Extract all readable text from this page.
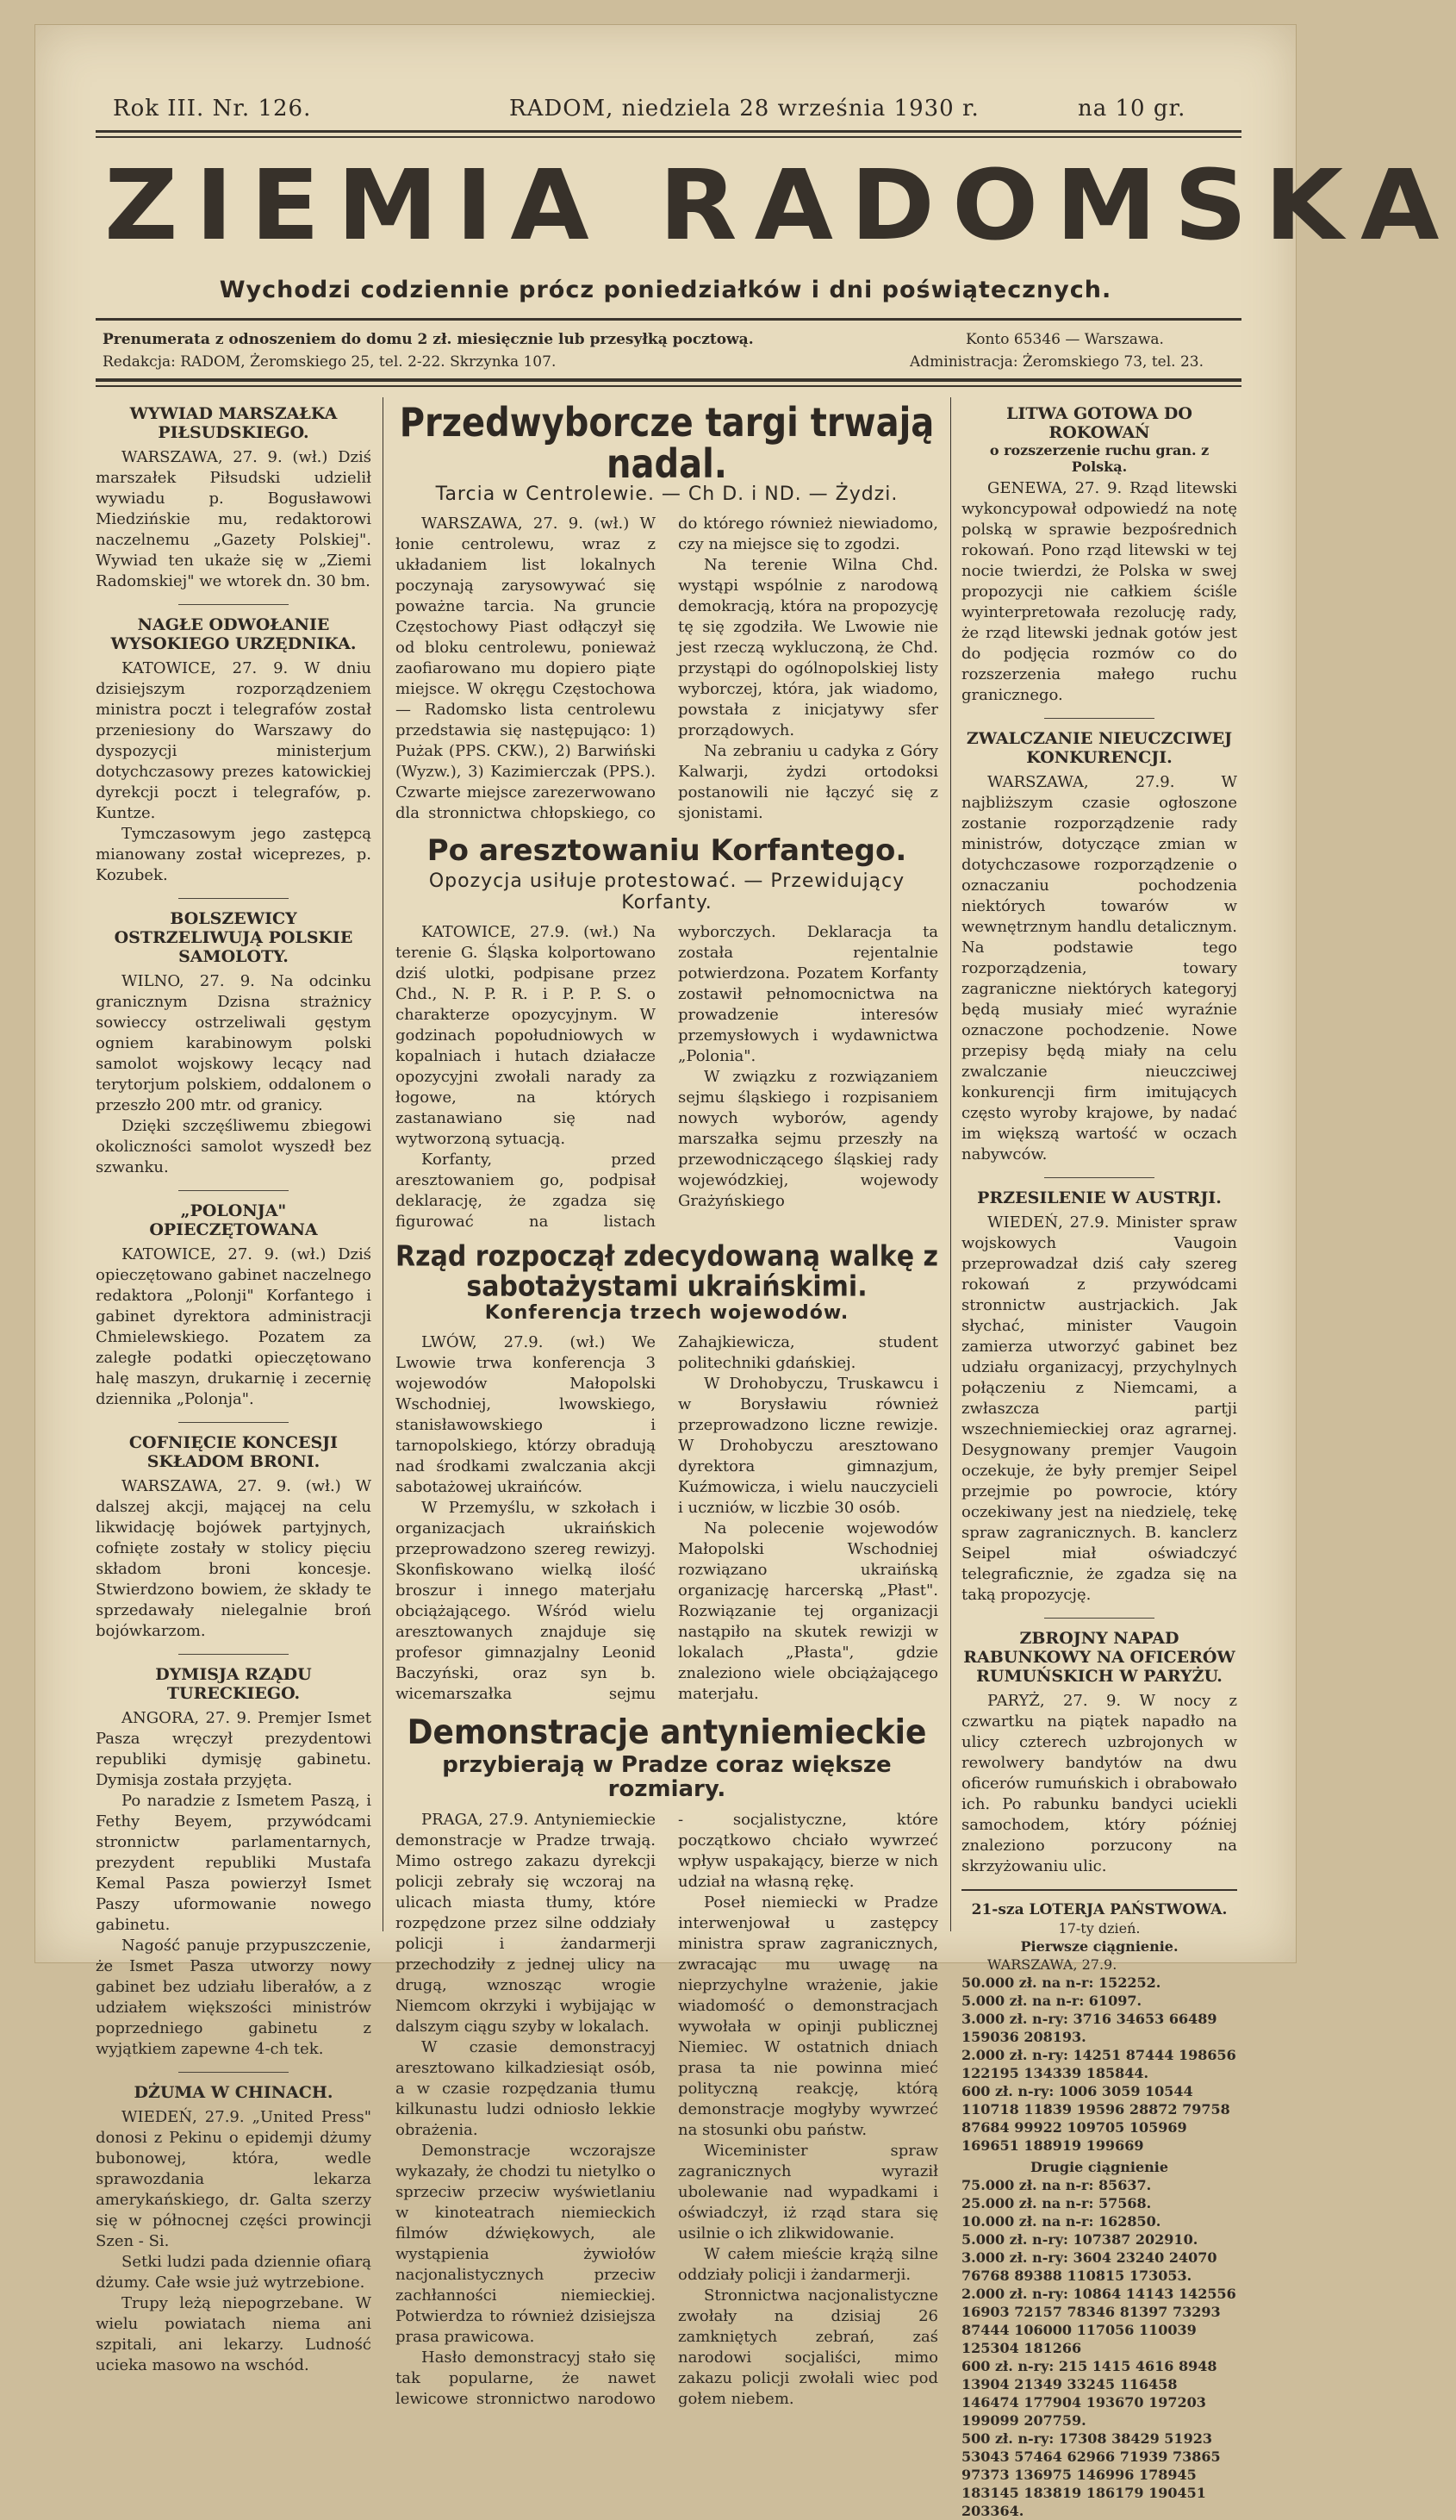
Rok III. Nr. 126.	RADOM, niedziela 28 września 1930 r.	na 10 gr.
ZIEMIA RADOMSKA
Wychodzi codziennie prócz poniedziałków i dni poświątecznych.
Prenumerata z odnoszeniem do domu 2 zł. miesięcznie lub przesyłką pocztową.	Konto 65346 — Warszawa.
Redakcja: RADOM, Żeromskiego 25, tel. 2-22. Skrzynka 107.	Administracja: Żeromskiego 73, tel. 23.
WYWIAD MARSZAŁKA PIŁSUDSKIEGO.

WARSZAWA, 27. 9. (wł.) Dziś marszałek Piłsudski udzielił wywiadu p. Bogusławowi Miedzińskie mu, redaktorowi naczelnemu „Gazety Polskiej". Wywiad ten ukaże się w „Ziemi Radomskiej" we wtorek dn. 30 bm.

NAGŁE ODWOŁANIE WYSOKIEGO URZĘDNIKA.

KATOWICE, 27. 9. W dniu dzisiejszym rozporządzeniem ministra poczt i telegrafów został przeniesiony do Warszawy do dyspozycji ministerjum dotychczasowy prezes katowickiej dyrekcji poczt i telegrafów, p. Kuntze.

Tymczasowym jego zastępcą mianowany został wiceprezes, p. Kozubek.

BOLSZEWICY OSTRZELIWUJĄ POLSKIE SAMOLOTY.

WILNO, 27. 9. Na odcinku granicznym Dzisna strażnicy sowieccy ostrzeliwali gęstym ogniem karabinowym polski samolot wojskowy lecący nad terytorjum polskiem, oddalonem o przeszło 200 mtr. od granicy.

Dzięki szczęśliwemu zbiegowi okoliczności samolot wyszedł bez szwanku.

„POLONJA" OPIECZĘTOWANA

KATOWICE, 27. 9. (wł.) Dziś opieczętowano gabinet naczelnego redaktora „Polonji" Korfantego i gabinet dyrektora administracji Chmielewskiego. Pozatem za zaległe podatki opieczętowano halę maszyn, drukarnię i zecernię dziennika „Polonja".

COFNIĘCIE KONCESJI SKŁADOM BRONI.

WARSZAWA, 27. 9. (wł.) W dalszej akcji, mającej na celu likwidację bojówek partyjnych, cofnięte zostały w stolicy pięciu składom broni koncesje. Stwierdzono bowiem, że składy te sprzedawały nielegalnie broń bojówkarzom.

DYMISJA RZĄDU TURECKIEGO.

ANGORA, 27. 9. Premjer Ismet Pasza wręczył prezydentowi republiki dymisję gabinetu. Dymisja została przyjęta.

Po naradzie z Ismetem Paszą, i Fethy Beyem, przywódcami stronnictw parlamentarnych, prezydent republiki Mustafa Kemal Pasza powierzył Ismet Paszy uformowanie nowego gabinetu.

Nagość panuje przypuszczenie, że Ismet Pasza utworzy nowy gabinet bez udziału liberałów, a z udziałem większości ministrów poprzedniego gabinetu z wyjątkiem zapewne 4-ch tek.

DŻUMA W CHINACH.

WIEDEŃ, 27.9. „United Press" donosi z Pekinu o epidemji dżumy bubonowej, która, wedle sprawozdania lekarza amerykańskiego, dr. Galta szerzy się w północnej części prowincji Szen - Si.

Setki ludzi pada dziennie ofiarą dżumy. Całe wsie już wytrzebione.

Trupy leżą niepogrzebane. W wielu powiatach niema ani szpitali, ani lekarzy. Ludność ucieka masowo na wschód.

Przedwyborcze targi trwają nadal.
Tarcia w Centrolewie. — Ch D. i ND. — Żydzi.

WARSZAWA, 27. 9. (wł.) W łonie centrolewu, wraz z układaniem list lokalnych poczynają zarysowywać się poważne tarcia. Na gruncie Częstochowy Piast odłączył się od bloku centrolewu, ponieważ zaofiarowano mu dopiero piąte miejsce. W okręgu Częstochowa — Radomsko lista centrolewu przedstawia się następująco: 1) Pużak (PPS. CKW.), 2) Barwiński (Wyzw.), 3) Kazimierczak (PPS.). Czwarte miejsce zarezerwowano dla stronnictwa chłopskiego, co do którego również niewiadomo, czy na miejsce się to zgodzi.

Na terenie Wilna Chd. wystąpi wspólnie z narodową demokracją, która na propozycję tę się zgodziła. We Lwowie nie jest rzeczą wykluczoną, że Chd. przystąpi do ogólnopolskiej listy wyborczej, która, jak wiadomo, powstała z inicjatywy sfer prorządowych.

Na zebraniu u cadyka z Góry Kalwarji, żydzi ortodoksi postanowili nie łączyć się z sjonistami.

Po aresztowaniu Korfantego.
Opozycja usiłuje protestować. — Przewidujący Korfanty.

KATOWICE, 27.9. (wł.) Na terenie G. Śląska kolportowano dziś ulotki, podpisane przez Chd., N. P. R. i P. P. S. o charakterze opozycyjnym. W godzinach popołudniowych w kopalniach i hutach działacze opozycyjni zwołali narady za łogowe, na których zastanawiano się nad wytworzoną sytuacją.

Korfanty, przed aresztowaniem go, podpisał deklarację, że zgadza się figurować na listach wyborczych. Deklaracja ta została rejentalnie potwierdzona. Pozatem Korfanty zostawił pełnomocnictwa na prowadzenie interesów przemysłowych i wydawnictwa „Polonia".

W związku z rozwiązaniem sejmu śląskiego i rozpisaniem nowych wyborów, agendy marszałka sejmu przeszły na przewodniczącego śląskiej rady wojewódzkiej, wojewody Grażyńskiego

Rząd rozpoczął zdecydowaną walkę z sabotażystami ukraińskimi.
Konferencja trzech wojewodów.

LWÓW, 27.9. (wł.) We Lwowie trwa konferencja 3 wojewodów Małopolski Wschodniej, lwowskiego, stanisławowskiego i tarnopolskiego, którzy obradują nad środkami zwalczania akcji sabotażowej ukraińców.

W Przemyślu, w szkołach i organizacjach ukraińskich przeprowadzono szereg rewizyj. Skonfiskowano wielką ilość broszur i innego materjału obciążającego. Wśród wielu aresztowanych znajduje się profesor gimnazjalny Leonid Baczyński, oraz syn b. wicemarszałka sejmu Zahajkiewicza, student politechniki gdańskiej.

W Drohobyczu, Truskawcu i w Borysławiu również przeprowadzono liczne rewizje. W Drohobyczu aresztowano dyrektora gimnazjum, Kuźmowicza, i wielu nauczycieli i uczniów, w liczbie 30 osób.

Na polecenie wojewodów Małopolski Wschodniej rozwiązano ukraińską organizację harcerską „Płast". Rozwiązanie tej organizacji nastąpiło na skutek rewizji w lokalach „Płasta", gdzie znaleziono wiele obciążającego materjału.

Demonstracje antyniemieckie
przybierają w Pradze coraz większe rozmiary.

PRAGA, 27.9. Antyniemieckie demonstracje w Pradze trwają. Mimo ostrego zakazu dyrekcji policji zebrały się wczoraj na ulicach miasta tłumy, które rozpędzone przez silne oddziały policji i żandarmerji przechodziły z jednej ulicy na drugą, wznosząc wrogie Niemcom okrzyki i wybijając w dalszym ciągu szyby w lokalach.

W czasie demonstracyj aresztowano kilkadziesiąt osób, a w czasie rozpędzania tłumu kilkunastu ludzi odniosło lekkie obrażenia.

Demonstracje wczorajsze wykazały, że chodzi tu nietylko o sprzeciw przeciw wyświetlaniu w kinoteatrach niemieckich filmów dźwiękowych, ale wystąpienia żywiołów nacjonalistycznych przeciw zachłanności niemieckiej. Potwierdza to również dzisiejsza prasa prawicowa.

Hasło demonstracyj stało się tak popularne, że nawet lewicowe stronnictwo narodowo - socjalistyczne, które początkowo chciało wywrzeć wpływ uspakający, bierze w nich udział na własną rękę.

Poseł niemiecki w Pradze interwenjował u zastępcy ministra spraw zagranicznych, zwracając mu uwagę na nieprzychylne wrażenie, jakie wiadomość o demonstracjach wywołała w opinji publicznej Niemiec. W ostatnich dniach prasa ta nie powinna mieć polityczną reakcję, którą demonstracje mogłyby wywrzeć na stosunki obu państw.

Wiceminister spraw zagranicznych wyraził ubolewanie nad wypadkami i oświadczył, iż rząd stara się usilnie o ich zlikwidowanie.

W całem mieście krążą silne oddziały policji i żandarmerji.

Stronnictwa nacjonalistyczne zwołały na dzisiaj 26 zamkniętych zebrań, zaś narodowi socjaliści, mimo zakazu policji zwołali wiec pod gołem niebem.

LITWA GOTOWA DO ROKOWAŃ
o rozszerzenie ruchu gran. z Polską.

GENEWA, 27. 9. Rząd litewski wykoncypował odpowiedź na notę polską w sprawie bezpośrednich rokowań. Pono rząd litewski w tej nocie twierdzi, że Polska w swej propozycji nie całkiem ściśle wyinterpretowała rezolucję rady, że rząd litewski jednak gotów jest do podjęcia rozmów co do rozszerzenia małego ruchu granicznego.

ZWALCZANIE NIEUCZCIWEJ KONKURENCJI.

WARSZAWA, 27.9. W najbliższym czasie ogłoszone zostanie rozporządzenie rady ministrów, dotyczące zmian w dotychczasowe rozporządzenie o oznaczaniu pochodzenia niektórych towarów w wewnętrznym handlu detalicznym. Na podstawie tego rozporządzenia, towary zagraniczne niektórych kategoryj będą musiały mieć wyraźnie oznaczone pochodzenie. Nowe przepisy będą miały na celu zwalczanie nieuczciwej konkurencji firm imitujących często wyroby krajowe, by nadać im większą wartość w oczach nabywców.

PRZESILENIE W AUSTRJI.

WIEDEŃ, 27.9. Minister spraw wojskowych Vaugoin przeprowadzał dziś cały szereg rokowań z przywódcami stronnictw austrjackich. Jak słychać, minister Vaugoin zamierza utworzyć gabinet bez udziału organizacyj, przychylnych połączeniu z Niemcami, a zwłaszcza partji wszechniemieckiej oraz agrarnej. Desygnowany premjer Vaugoin oczekuje, że były premjer Seipel przejmie po powrocie, który oczekiwany jest na niedzielę, tekę spraw zagranicznych. B. kanclerz Seipel miał oświadczyć telegraficznie, że zgadza się na taką propozycję.

ZBROJNY NAPAD RABUNKOWY NA OFICERÓW RUMUŃSKICH W PARYŻU.

PARYŻ, 27. 9. W nocy z czwartku na piątek napadło na ulicy czterech uzbrojonych w rewolwery bandytów na dwu oficerów rumuńskich i obrabowało ich. Po rabunku bandyci uciekli samochodem, który później znaleziono porzucony na skrzyżowaniu ulic.

21-sza LOTERJA PAŃSTWOWA.
17-ty dzień.
Pierwsze ciągnienie.
WARSZAWA, 27.9.
50.000 zł. na n-r: 152252.
5.000 zł. na n-r: 61097.
3.000 zł. n-ry: 3716 34653 66489 159036 208193.
2.000 zł. n-ry: 14251 87444 198656 122195 134339 185844.
600 zł. n-ry: 1006 3059 10544 110718 11839 19596 28872 79758 87684 99922 109705 105969 169651 188919 199669
Drugie ciągnienie
75.000 zł. na n-r: 85637.
25.000 zł. na n-r: 57568.
10.000 zł. na n-r: 162850.
5.000 zł. n-ry: 107387 202910.
3.000 zł. n-ry: 3604 23240 24070 76768 89388 110815 173053.
2.000 zł. n-ry: 10864 14143 142556 16903 72157 78346 81397 73293 87444 106000 117056 110039 125304 181266
600 zł. n-ry: 215 1415 4616 8948 13904 21349 33245 116458 146474 177904 193670 197203 199099 207759.
500 zł. n-ry: 17308 38429 51923 53043 57464 62966 71939 73865 97373 136975 146996 178945 183145 183819 186179 190451 203364.
